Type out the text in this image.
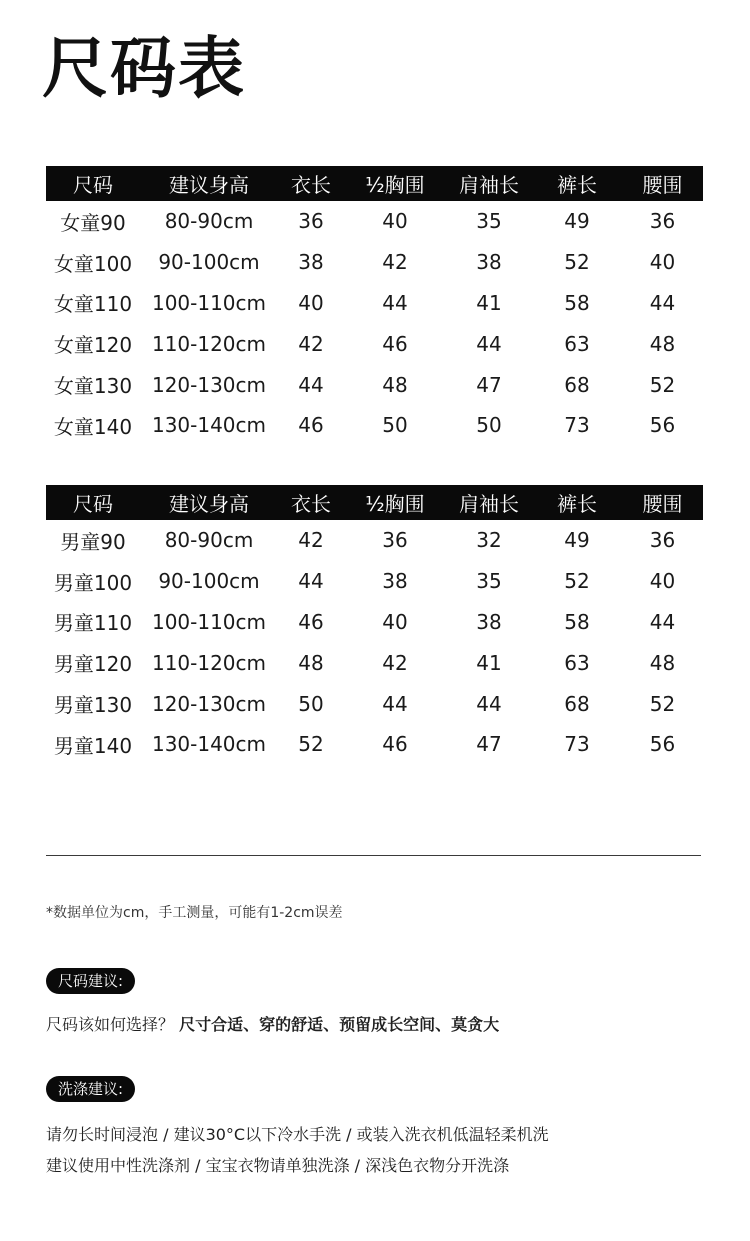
尺码表
尺码	建议身高	衣长	½胸围	肩袖长	裤长	腰围
女童90	80-90cm	36	40	35	49	36
女童100	90-100cm	38	42	38	52	40
女童110	100-110cm	40	44	41	58	44
女童120	110-120cm	42	46	44	63	48
女童130	120-130cm	44	48	47	68	52
女童140	130-140cm	46	50	50	73	56
尺码	建议身高	衣长	½胸围	肩袖长	裤长	腰围
男童90	80-90cm	42	36	32	49	36
男童100	90-100cm	44	38	35	52	40
男童110	100-110cm	46	40	38	58	44
男童120	110-120cm	48	42	41	63	48
男童130	120-130cm	50	44	44	68	52
男童140	130-140cm	52	46	47	73	56
*数据单位为cm，手工测量，可能有1-2cm误差
尺码建议:
尺码该如何选择？ 尺寸合适、穿的舒适、预留成长空间、莫贪大
洗涤建议:
请勿长时间浸泡 / 建议30°C以下冷水手洗 / 或装入洗衣机低温轻柔机洗
建议使用中性洗涤剂 / 宝宝衣物请单独洗涤 / 深浅色衣物分开洗涤
